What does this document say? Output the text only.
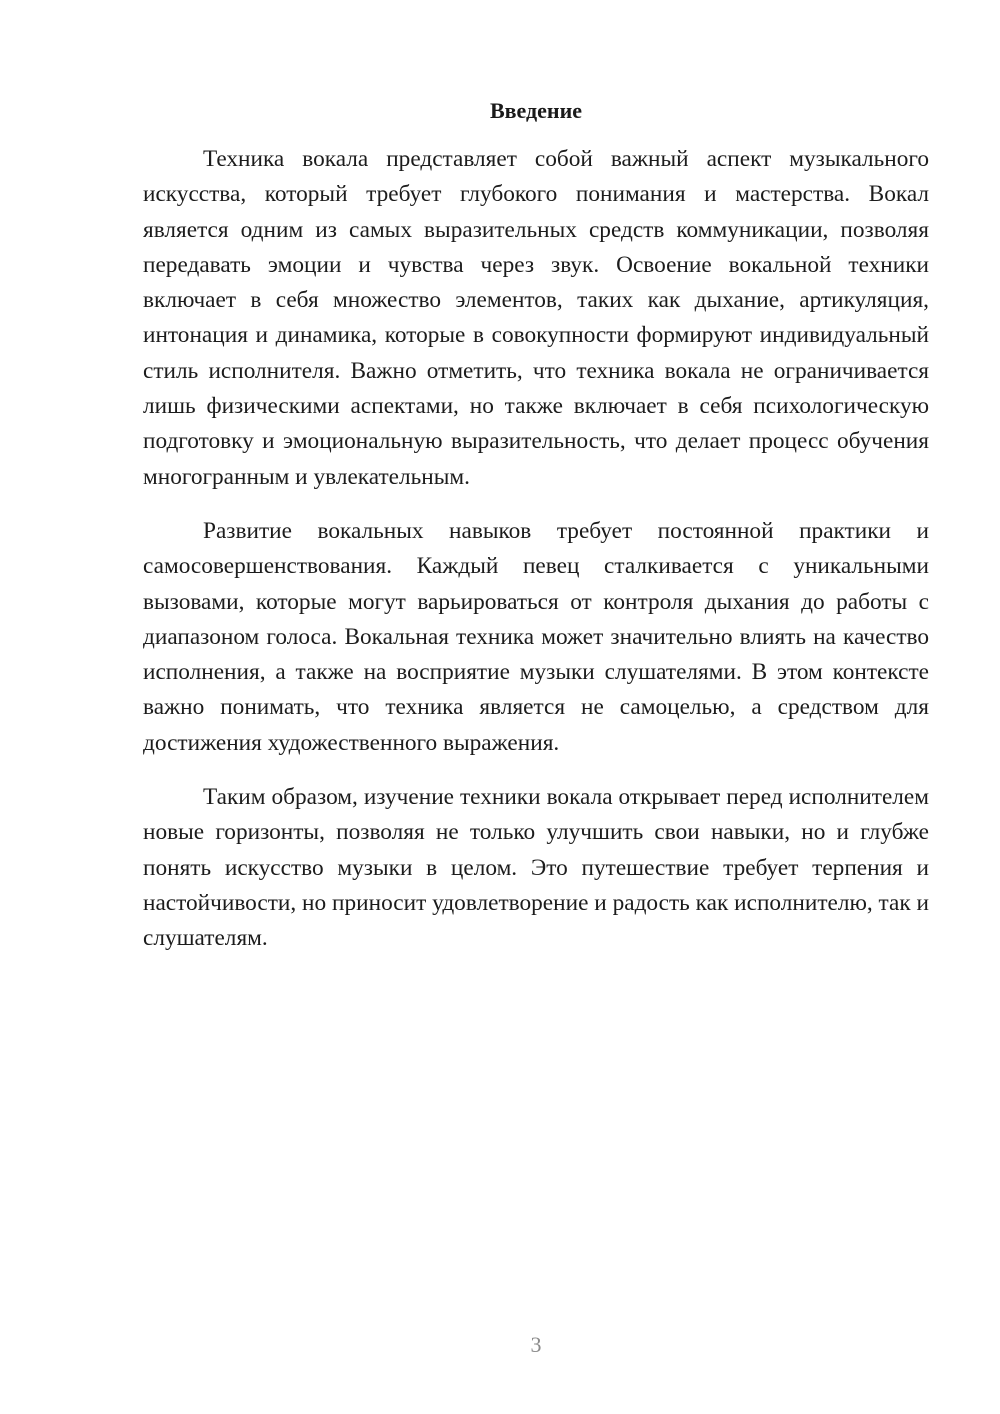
Введение

Техника вокала представляет собой важный аспект музыкального искусства, который требует глубокого понимания и мастерства. Вокал является одним из самых выразительных средств коммуникации, позволяя передавать эмоции и чувства через звук. Освоение вокальной техники включает в себя множество элементов, таких как дыхание, артикуляция, интонация и динамика, которые в совокупности формируют индивидуальный стиль исполнителя. Важно отметить, что техника вокала не ограничивается лишь физическими аспектами, но также включает в себя психологическую подготовку и эмоциональную выразительность, что делает процесс обучения многогранным и увлекательным.

Развитие вокальных навыков требует постоянной практики и самосовершенствования. Каждый певец сталкивается с уникальными вызовами, которые могут варьироваться от контроля дыхания до работы с диапазоном голоса. Вокальная техника может значительно влиять на качество исполнения, а также на восприятие музыки слушателями. В этом контексте важно понимать, что техника является не самоцелью, а средством для достижения художественного выражения.

Таким образом, изучение техники вокала открывает перед исполнителем новые горизонты, позволяя не только улучшить свои навыки, но и глубже понять искусство музыки в целом. Это путешествие требует терпения и настойчивости, но приносит удовлетворение и радость как исполнителю, так и слушателям.

3
